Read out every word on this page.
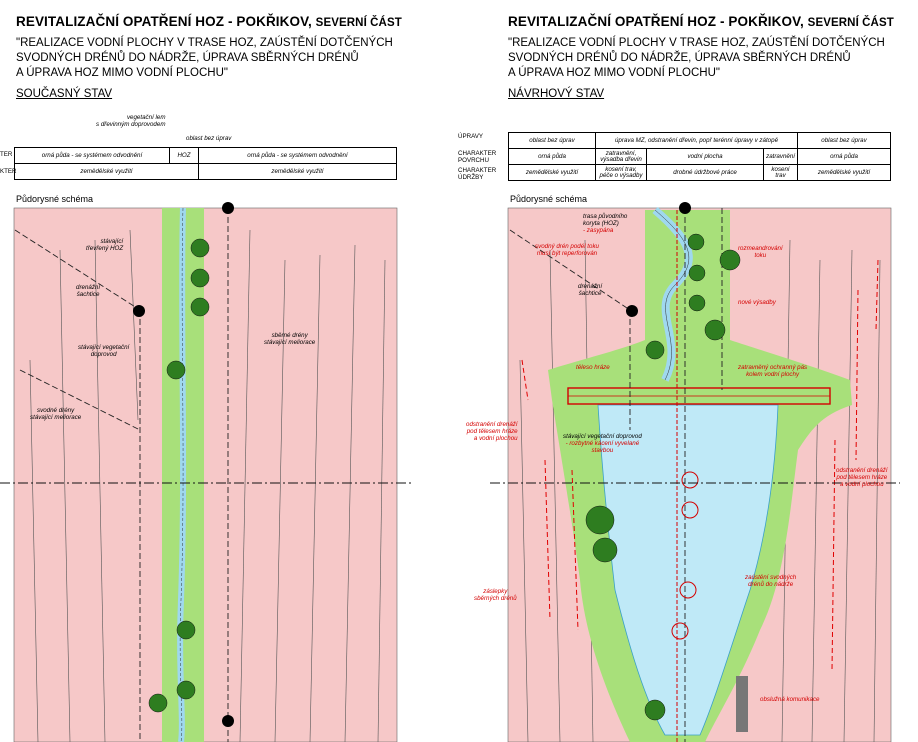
REVITALIZAČNÍ OPATŘENÍ HOZ - POKŘIKOV, SEVERNÍ ČÁST
"REALIZACE VODNÍ PLOCHY V TRASE HOZ, ZAÚSTĚNÍ DOTČENÝCH
SVODNÝCH DRÉNŮ DO NÁDRŽE, ÚPRAVA SBĚRNÝCH DRÉNŮ
A ÚPRAVA HOZ MIMO VODNÍ PLOCHU"
SOUČASNÝ STAV
REVITALIZAČNÍ OPATŘENÍ HOZ - POKŘIKOV, SEVERNÍ ČÁST
"REALIZACE VODNÍ PLOCHY V TRASE HOZ, ZAÚSTĚNÍ DOTČENÝCH
SVODNÝCH DRÉNŮ DO NÁDRŽE, ÚPRAVA SBĚRNÝCH DRÉNŮ
A ÚPRAVA HOZ MIMO VODNÍ PLOCHU"
NÁVRHOVÝ STAV
vegetační lem
s dřevinným doprovodem
oblast bez úprav
TER
KTER
orná půda - se systémem odvodnění	HOZ	orná půda - se systémem odvodnění
zemědělské využití		zemědělské využití
Půdorysné schéma
ÚPRAVY
CHARAKTER
POVRCHU
CHARAKTER
ÚDRŽBY
oblast bez úprav	úprava MZ, odstranění dřevin, popř terénní úpravy v zátopě			oblast bez úprav
orná půda	zatravnění, výsadba dřevin	vodní plocha	zatravnění	orná půda
zemědělské využití	kosení trav, péče o výsadby	drobné údržbové práce	kosení trav	zemědělské využití
Půdorysné schéma
stávající
třevřený HOZ
drenážní
šachtice
stávající vegetační
doprovod
sběrné drény
stávající meliorace
svodné drény
stávající meliorace
trasa původního
koryta (HOZ)
- zasypána
svodný drén podél toku
musí být reperforován
drenážní
šachtice
rozmeandrování
toku
nové výsadby
těleso hráze	zatravněný ochranný pás
kolem vodní plochy
odstranění drenáží
pod tělesem hráze
a vodní plochou	stávající vegetační doprovod
- rozbytné kácení vyvelané
stavbou
odstranění drenáží
pod tělesem hráze
a vodní plochou
záslepky
sběrných drénů
zaústění svodných
drénů do nádrže
obslužná komunikace
